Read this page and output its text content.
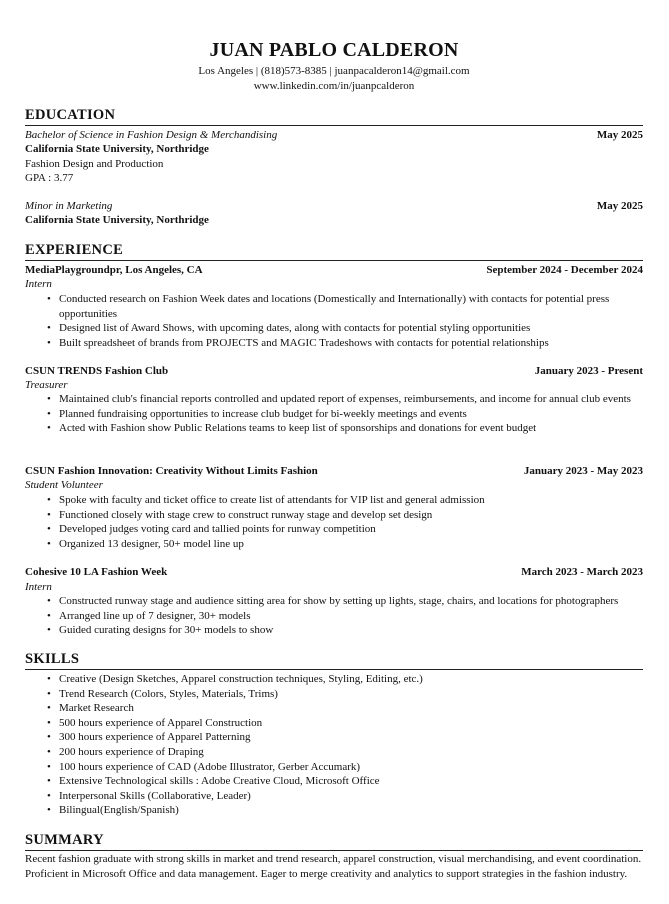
JUAN PABLO CALDERON
Los Angeles | (818)573-8385 | juanpacalderon14@gmail.com
www.linkedin.com/in/juanpcalderon
EDUCATION
Bachelor of Science in Fashion Design & Merchandising	May 2025
California State University, Northridge
Fashion Design and Production
GPA : 3.77
Minor in Marketing	May 2025
California State University, Northridge
EXPERIENCE
MediaPlaygroundpr, Los Angeles, CA	September 2024 - December 2024
Intern
• Conducted research on Fashion Week dates and locations (Domestically and Internationally) with contacts for potential press opportunities
• Designed list of Award Shows, with upcoming dates, along with contacts for potential styling opportunities
• Built spreadsheet of brands from PROJECTS and MAGIC Tradeshows with contacts for potential relationships
CSUN TRENDS Fashion Club	January 2023 - Present
Treasurer
• Maintained club's financial reports controlled and updated report of expenses, reimbursements, and income for annual club events
• Planned fundraising opportunities to increase club budget for bi-weekly meetings and events
• Acted with Fashion show Public Relations teams to keep list of sponsorships and donations for event budget
CSUN Fashion Innovation: Creativity Without Limits Fashion	January 2023 - May 2023
Student Volunteer
• Spoke with faculty and ticket office to create list of attendants for VIP list and general admission
• Functioned closely with stage crew to construct runway stage and develop set design
• Developed judges voting card and tallied points for runway competition
• Organized 13 designer, 50+ model line up
Cohesive 10 LA Fashion Week	March 2023 - March 2023
Intern
• Constructed runway stage and audience sitting area for show by setting up lights, stage, chairs, and locations for photographers
• Arranged line up of 7 designer, 30+ models
• Guided curating designs for 30+ models to show
SKILLS
• Creative (Design Sketches, Apparel construction techniques, Styling, Editing, etc.)
• Trend Research (Colors, Styles, Materials, Trims)
• Market Research
• 500 hours experience of Apparel Construction
• 300 hours experience of Apparel Patterning
• 200 hours experience of Draping
• 100 hours experience of CAD (Adobe Illustrator, Gerber Accumark)
• Extensive Technological skills : Adobe Creative Cloud, Microsoft Office
• Interpersonal Skills (Collaborative, Leader)
• Bilingual(English/Spanish)
SUMMARY
Recent fashion graduate with strong skills in market and trend research, apparel construction, visual merchandising, and event coordination. Proficient in Microsoft Office and data management. Eager to merge creativity and analytics to support strategies in the fashion industry.
